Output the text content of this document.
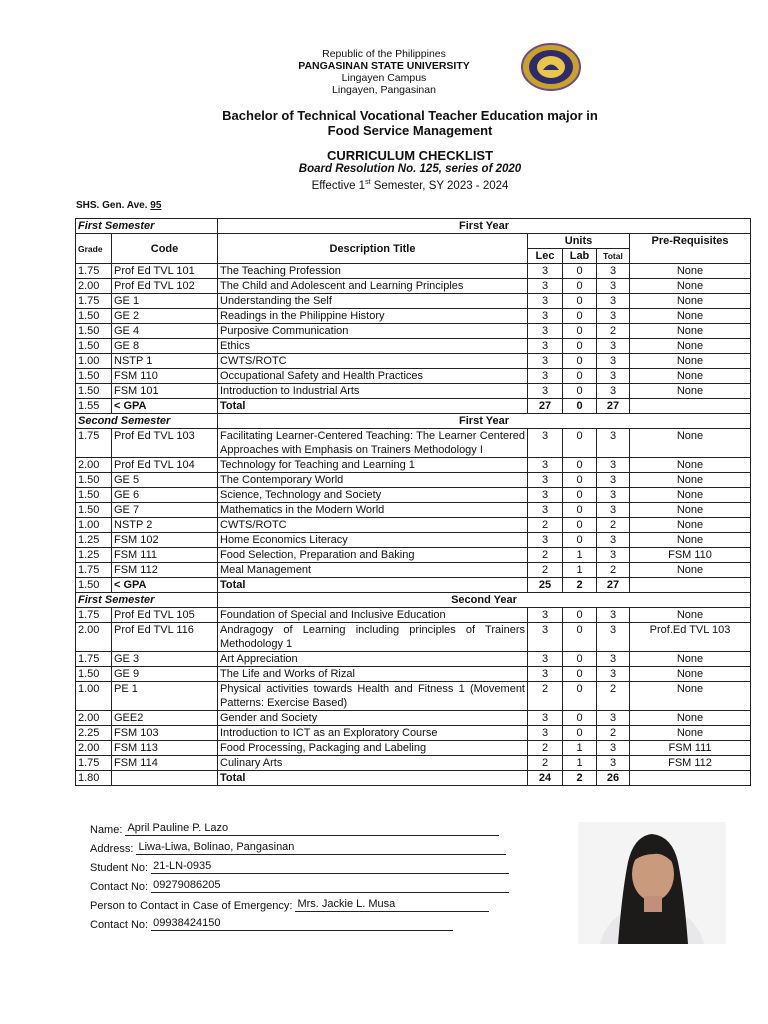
Republic of the Philippines
PANGASINAN STATE UNIVERSITY
Lingayen Campus
Lingayen, Pangasinan
Bachelor of Technical Vocational Teacher Education major in
Food Service Management
CURRICULUM CHECKLIST
Board Resolution No. 125, series of 2020
Effective 1st Semester, SY 2023 - 2024
SHS. Gen. Ave. 95
First Semester		First Year				
Grade	Code	Description Title	Units			Pre-Requisites
			Lec	Lab	Total	
1.75	Prof Ed TVL 101	The Teaching Profession	3	0	3	None
2.00	Prof Ed TVL 102	The Child and Adolescent and Learning Principles	3	0	3	None
1.75	GE 1	Understanding the Self	3	0	3	None
1.50	GE 2	Readings in the Philippine History	3	0	3	None
1.50	GE 4	Purposive Communication	3	0	2	None
1.50	GE 8	Ethics	3	0	3	None
1.00	NSTP 1	CWTS/ROTC	3	0	3	None
1.50	FSM 110	Occupational Safety and Health Practices	3	0	3	None
1.50	FSM 101	Introduction to Industrial Arts	3	0	3	None
1.55	< GPA	Total	27	0	27	
Second Semester		First Year				
1.75	Prof Ed TVL 103	Facilitating Learner-Centered Teaching: The Learner Centered Approaches with Emphasis on Trainers Methodology I	3	0	3	None
2.00	Prof Ed TVL 104	Technology for Teaching and Learning 1	3	0	3	None
1.50	GE 5	The Contemporary World	3	0	3	None
1.50	GE 6	Science, Technology and Society	3	0	3	None
1.50	GE 7	Mathematics in the Modern World	3	0	3	None
1.00	NSTP 2	CWTS/ROTC	2	0	2	None
1.25	FSM 102	Home Economics Literacy	3	0	3	None
1.25	FSM 111	Food Selection, Preparation and Baking	2	1	3	FSM 110
1.75	FSM 112	Meal Management	2	1	2	None
1.50	< GPA	Total	25	2	27	
First Semester		Second Year				
1.75	Prof Ed TVL 105	Foundation of Special and Inclusive Education	3	0	3	None
2.00	Prof Ed TVL 116	Andragogy of Learning including principles of Trainers Methodology 1	3	0	3	Prof.Ed TVL 103
1.75	GE 3	Art Appreciation	3	0	3	None
1.50	GE 9	The Life and Works of Rizal	3	0	3	None
1.00	PE 1	Physical activities towards Health and Fitness 1 (Movement Patterns: Exercise Based)	2	0	2	None
2.00	GEE2	Gender and Society	3	0	3	None
2.25	FSM 103	Introduction to ICT as an Exploratory Course	3	0	2	None
2.00	FSM 113	Food Processing, Packaging and Labeling	2	1	3	FSM 111
1.75	FSM 114	Culinary Arts	2	1	3	FSM 112
1.80		Total	24	2	26	
Name: April Pauline P. Lazo
Address: Liwa-Liwa, Bolinao, Pangasinan
Student No: 21-LN-0935
Contact No: 09279086205
Person to Contact in Case of Emergency: Mrs. Jackie L. Musa
Contact No: 09938424150
